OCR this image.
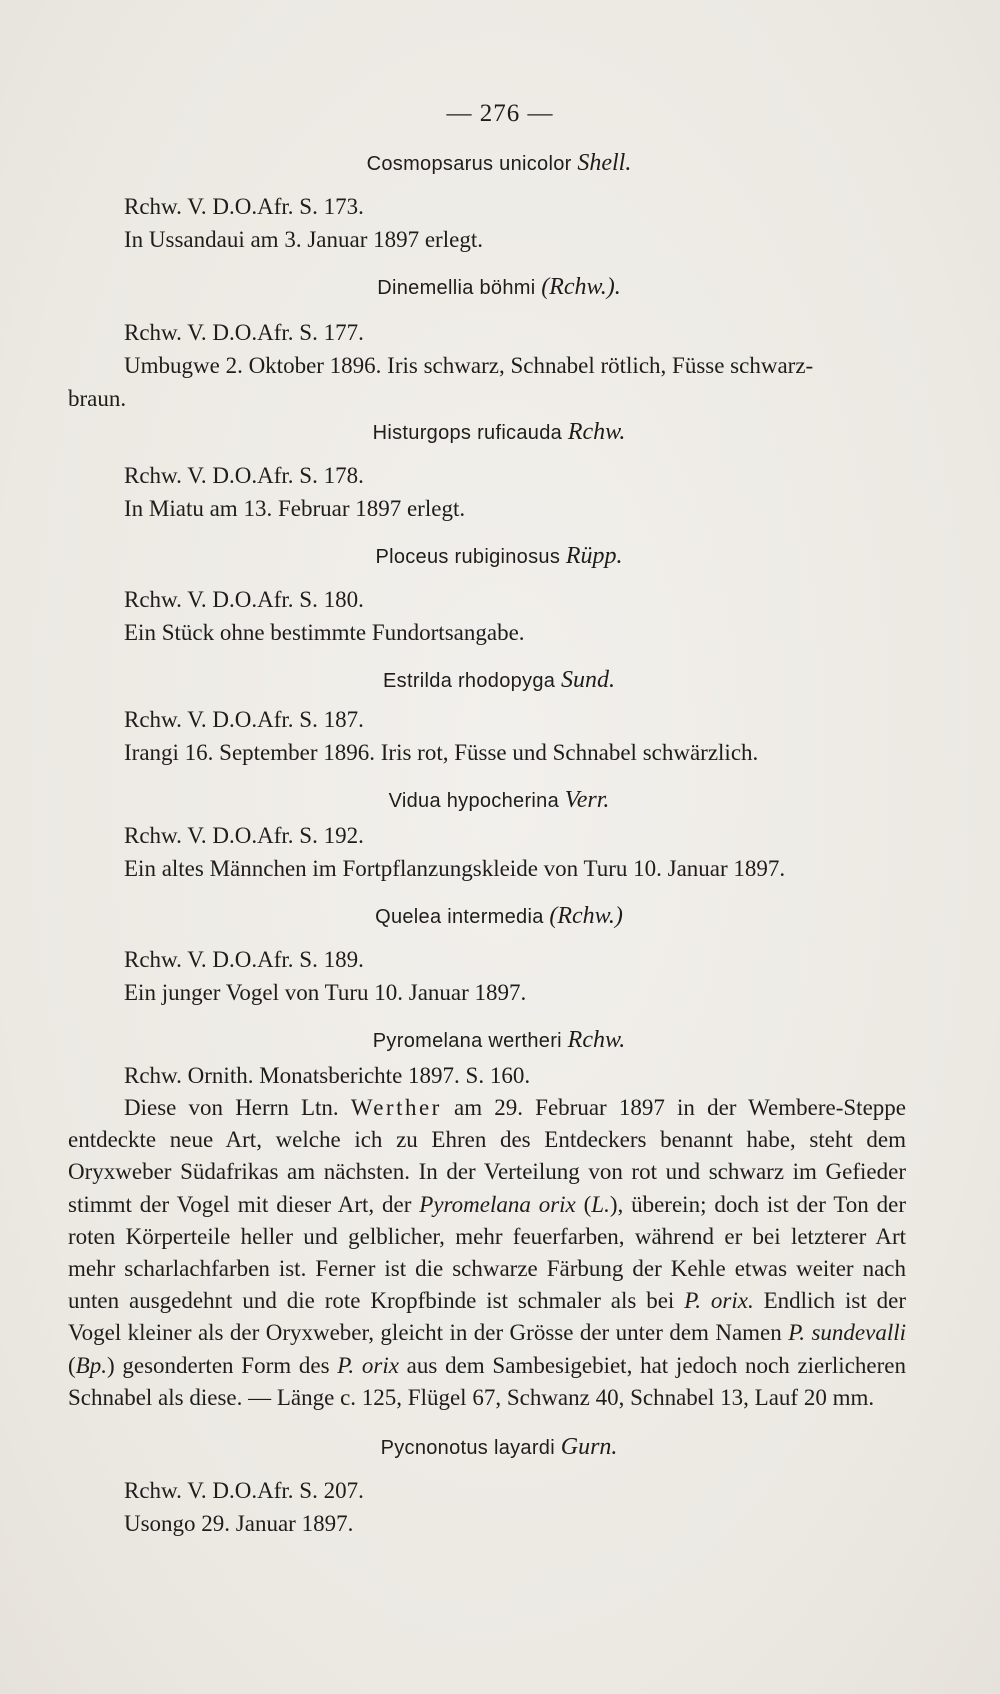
— 276 —

Cosmopsarus unicolor Shell.

Rchw. V. D.O.Afr. S. 173.

In Ussandaui am 3. Januar 1897 erlegt.

Dinemellia böhmi (Rchw.).

Rchw. V. D.O.Afr. S. 177.

Umbugwe 2. Oktober 1896. Iris schwarz, Schnabel rötlich, Füsse schwarz-

braun.

Histurgops ruficauda Rchw.

Rchw. V. D.O.Afr. S. 178.

In Miatu am 13. Februar 1897 erlegt.

Ploceus rubiginosus Rüpp.

Rchw. V. D.O.Afr. S. 180.

Ein Stück ohne bestimmte Fundortsangabe.

Estrilda rhodopyga Sund.

Rchw. V. D.O.Afr. S. 187.

Irangi 16. September 1896. Iris rot, Füsse und Schnabel schwärzlich.

Vidua hypocherina Verr.

Rchw. V. D.O.Afr. S. 192.

Ein altes Männchen im Fortpflanzungskleide von Turu 10. Januar 1897.

Quelea intermedia (Rchw.)

Rchw. V. D.O.Afr. S. 189.

Ein junger Vogel von Turu 10. Januar 1897.

Pyromelana wertheri Rchw.

Rchw. Ornith. Monatsberichte 1897. S. 160.

Diese von Herrn Ltn. Werther am 29. Februar 1897 in der Wembere-Steppe entdeckte neue Art, welche ich zu Ehren des Entdeckers benannt habe, steht dem Oryxweber Südafrikas am nächsten. In der Verteilung von rot und schwarz im Gefieder stimmt der Vogel mit dieser Art, der Pyromelana orix (L.), überein; doch ist der Ton der roten Körperteile heller und gelblicher, mehr feuerfarben, während er bei letzterer Art mehr scharlachfarben ist. Ferner ist die schwarze Färbung der Kehle etwas weiter nach unten ausgedehnt und die rote Kropfbinde ist schmaler als bei P. orix. Endlich ist der Vogel kleiner als der Oryxweber, gleicht in der Grösse der unter dem Namen P. sundevalli (Bp.) gesonderten Form des P. orix aus dem Sambesigebiet, hat jedoch noch zierlicheren Schnabel als diese. — Länge c. 125, Flügel 67, Schwanz 40, Schnabel 13, Lauf 20 mm.

Pycnonotus layardi Gurn.

Rchw. V. D.O.Afr. S. 207.

Usongo 29. Januar 1897.
